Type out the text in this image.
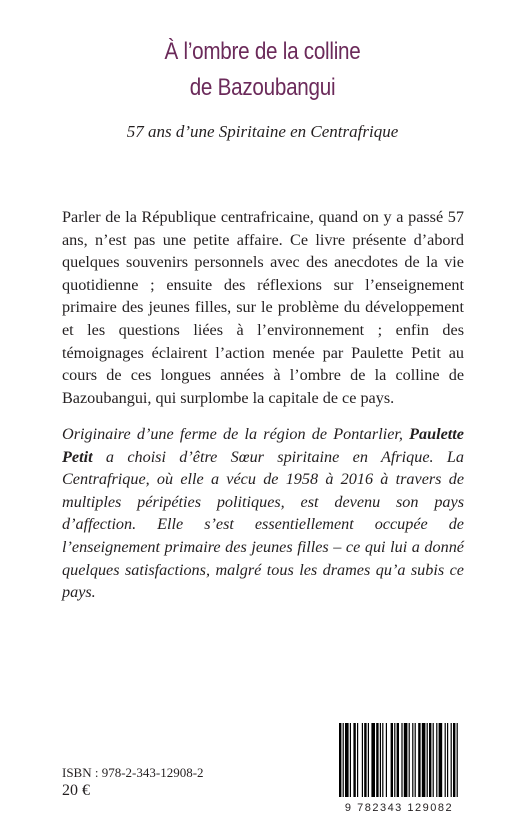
À l’ombre de la colline
de Bazoubangui
57 ans d’une Spiritaine en Centrafrique

Parler de la République centrafricaine, quand on y a passé 57 ans, n’est pas une petite affaire. Ce livre présente d’abord quelques souvenirs personnels avec des anecdotes de la vie quotidienne ; ensuite des réflexions sur l’enseignement primaire des jeunes filles, sur le problème du développement et les questions liées à l’environnement ; enfin des témoignages éclairent l’action menée par Paulette Petit au cours de ces longues années à l’ombre de la colline de Bazoubangui, qui surplombe la capitale de ce pays.

Originaire d’une ferme de la région de Pontarlier, Paulette Petit a choisi d’être Sœur spiritaine en Afrique. La Centrafrique, où elle a vécu de 1958 à 2016 à travers de multiples péripéties politiques, est devenu son pays d’affection. Elle s’est essentiellement occupée de l’enseignement primaire des jeunes filles – ce qui lui a donné quelques satisfactions, malgré tous les drames qu’a subis ce pays.

ISBN : 978-2-343-12908-2
20 €
9 782343 129082
